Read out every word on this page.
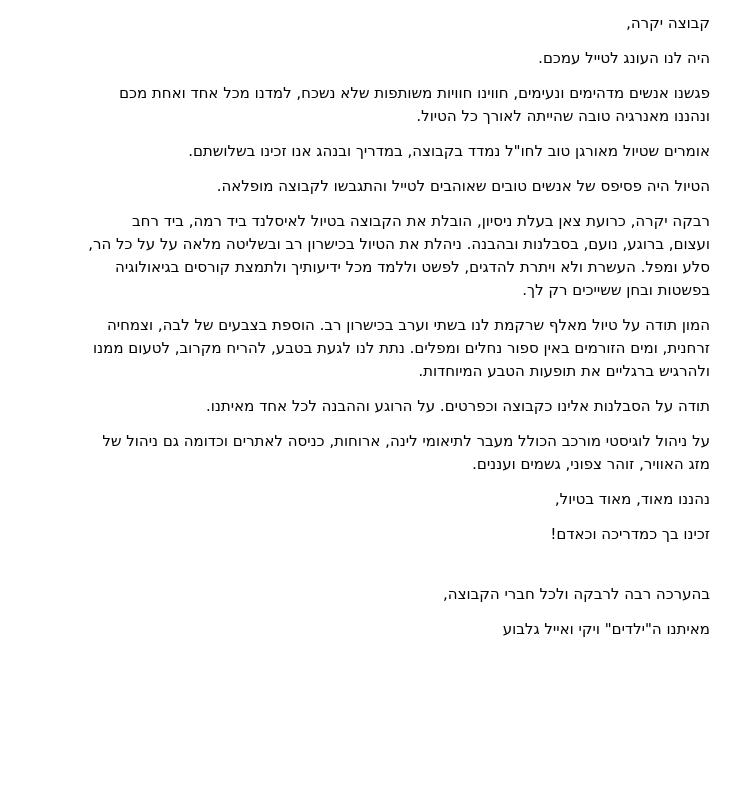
קבוצה יקרה,

היה לנו העונג לטייל עמכם.

פגשנו אנשים מדהימים ונעימים, חווינו חוויות משותפות שלא נשכח, למדנו מכל אחד ואחת מכם ונהננו מאנרגיה טובה שהייתה לאורך כל הטיול.

אומרים שטיול מאורגן טוב לחו"ל נמדד בקבוצה, במדריך ובנהג אנו זכינו בשלושתם.

הטיול היה פסיפס של אנשים טובים שאוהבים לטייל והתגבשו לקבוצה מופלאה.

רבקה יקרה, כרועת צאן בעלת ניסיון, הובלת את הקבוצה בטיול לאיסלנד ביד רמה, ביד רחב ועצום, ברוגע, נועם, בסבלנות ובהבנה. ניהלת את הטיול בכישרון רב ובשליטה מלאה על על כל הר, סלע ומפל. העשרת ולא ויתרת להדגים, לפשט וללמד מכל ידיעותיך ולתמצת קורסים בגיאולוגיה בפשטות ובחן ששייכים רק לך.

המון תודה על טיול מאלף שרקמת לנו בשתי וערב בכישרון רב. הוספת בצבעים של לבה, וצמחיה זרחנית, ומים הזורמים באין ספור נחלים ומפלים. נתת לנו לגעת בטבע, להריח מקרוב, לטעום ממנו ולהרגיש ברגליים את תופעות הטבע המיוחדות.

תודה על הסבלנות אלינו כקבוצה וכפרטים. על הרוגע וההבנה לכל אחד מאיתנו.

על ניהול לוגיסטי מורכב הכולל מעבר לתיאומי לינה, ארוחות, כניסה לאתרים וכדומה גם ניהול של מזג האוויר, זוהר צפוני, גשמים ועננים.

נהננו מאוד, מאוד בטיול,

זכינו בך כמדריכה וכאדם!

בהערכה רבה לרבקה ולכל חברי הקבוצה,

מאיתנו ה"ילדים" ויקי ואייל גלבוע
